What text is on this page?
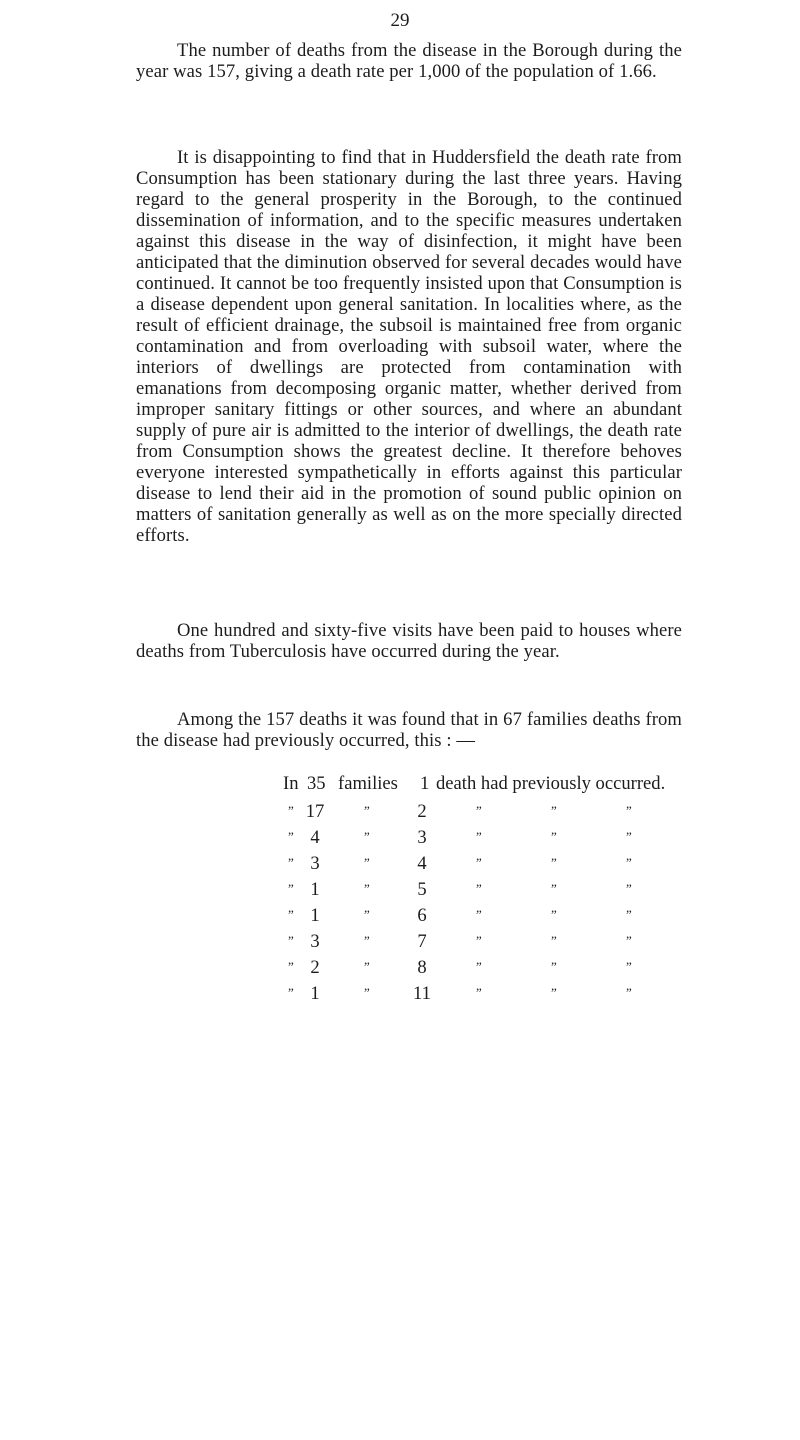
29

The number of deaths from the disease in the Borough during the year was 157, giving a death rate per 1,000 of the population of 1.66.

It is disappointing to find that in Huddersfield the death rate from Consumption has been stationary during the last three years. Having regard to the general prosperity in the Borough, to the continued dissemination of information, and to the specific measures undertaken against this disease in the way of disinfection, it might have been anticipated that the diminution observed for several decades would have continued. It cannot be too frequently insisted upon that Consumption is a disease dependent upon general sanitation. In localities where, as the result of efficient drainage, the subsoil is maintained free from organic contamination and from overloading with subsoil water, where the interiors of dwellings are protected from contamination with emanations from decomposing organic matter, whether derived from improper sanitary fittings or other sources, and where an abundant supply of pure air is admitted to the interior of dwellings, the death rate from Consumption shows the greatest decline. It therefore behoves everyone interested sympathetically in efforts against this particular disease to lend their aid in the promotion of sound public opinion on matters of sanitation generally as well as on the more specially directed efforts.

One hundred and sixty-five visits have been paid to houses where deaths from Tuberculosis have occurred during the year.

Among the 157 deaths it was found that in 67 families deaths from the disease had previously occurred, this : —

In 35 families 1 death had previously occurred.
” 17	”	2	”	”	”
” 4	”	3	”	”	”
” 3	”	4	”	”	”
” 1	”	5	”	”	”
” 1	”	6	”	”	”
” 3	”	7	”	”	”
” 2	”	8	”	”	”
” 1	”	11	”	”	”
